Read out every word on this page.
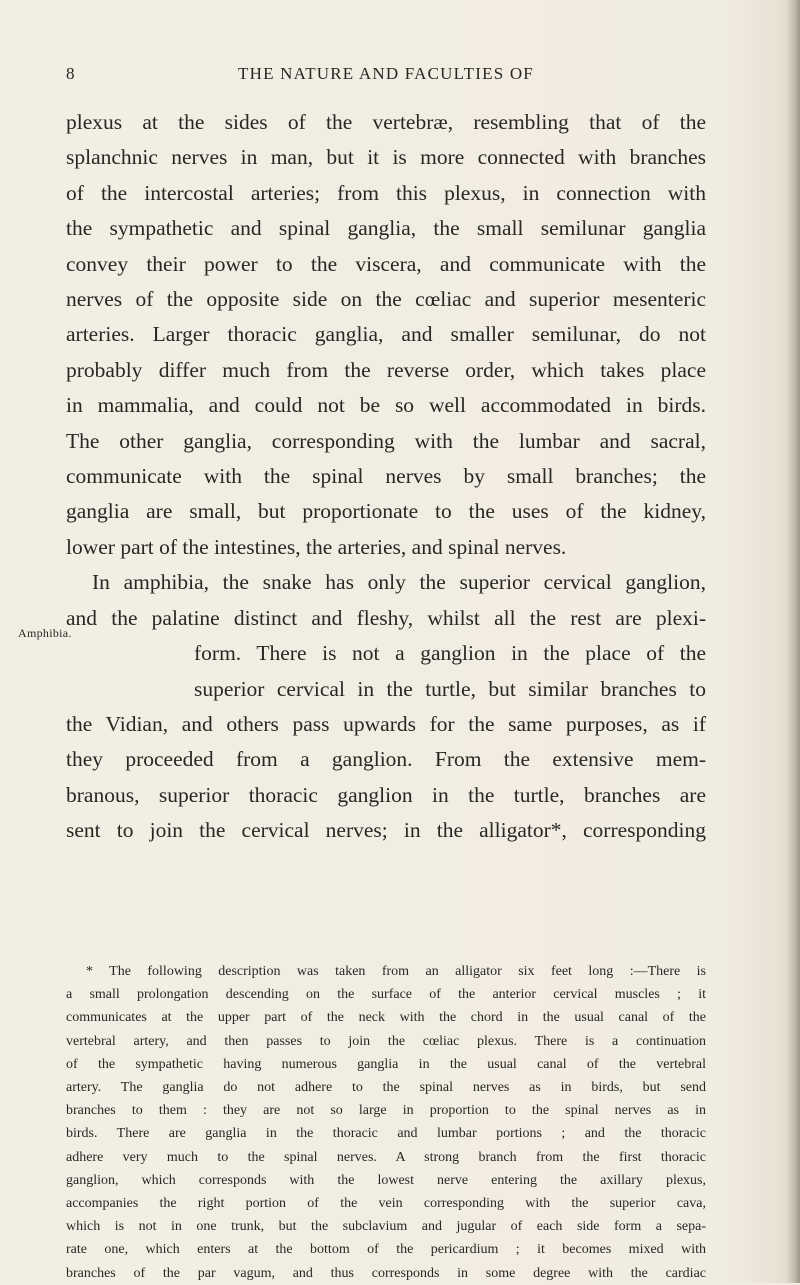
8	THE NATURE AND FACULTIES OF
Amphibia.
plexus at the sides of the vertebræ, resembling that of the
splanchnic nerves in man, but it is more connected with branches
of the intercostal arteries; from this plexus, in connection with
the sympathetic and spinal ganglia, the small semilunar ganglia
convey their power to the viscera, and communicate with the
nerves of the opposite side on the cœliac and superior mesenteric
arteries. Larger thoracic ganglia, and smaller semilunar, do not
probably differ much from the reverse order, which takes place
in mammalia, and could not be so well accommodated in birds.
The other ganglia, corresponding with the lumbar and sacral,
communicate with the spinal nerves by small branches; the
ganglia are small, but proportionate to the uses of the kidney,
lower part of the intestines, the arteries, and spinal nerves.
In amphibia, the snake has only the superior cervical ganglion,
and the palatine distinct and fleshy, whilst all the rest are plexi-
form. There is not a ganglion in the place of the
superior cervical in the turtle, but similar branches to
the Vidian, and others pass upwards for the same purposes, as if
they proceeded from a ganglion. From the extensive mem-
branous, superior thoracic ganglion in the turtle, branches are
sent to join the cervical nerves; in the alligator*, corresponding
* The following description was taken from an alligator six feet long :—There is
a small prolongation descending on the surface of the anterior cervical muscles ; it
communicates at the upper part of the neck with the chord in the usual canal of the
vertebral artery, and then passes to join the cœliac plexus. There is a continuation
of the sympathetic having numerous ganglia in the usual canal of the vertebral
artery. The ganglia do not adhere to the spinal nerves as in birds, but send
branches to them : they are not so large in proportion to the spinal nerves as in
birds. There are ganglia in the thoracic and lumbar portions ; and the thoracic
adhere very much to the spinal nerves. A strong branch from the first thoracic
ganglion, which corresponds with the lowest nerve entering the axillary plexus,
accompanies the right portion of the vein corresponding with the superior cava,
which is not in one trunk, but the subclavium and jugular of each side form a sepa-
rate one, which enters at the bottom of the pericardium ; it becomes mixed with
branches of the par vagum, and thus corresponds in some degree with the cardiac
